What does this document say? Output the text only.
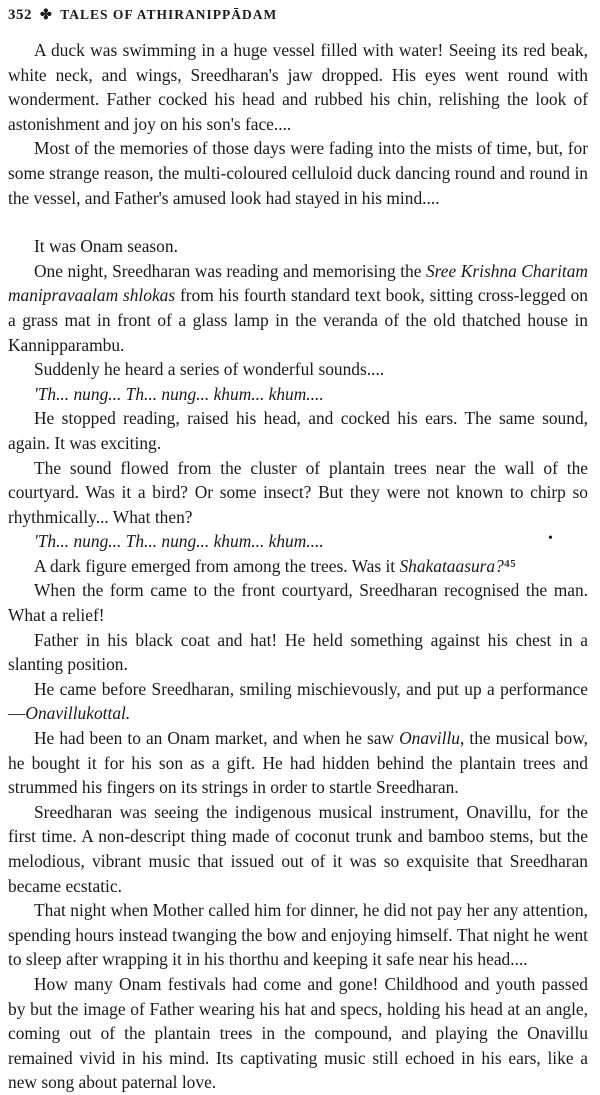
352 ✤ TALES OF ATHIRANIPPĀDAM

A duck was swimming in a huge vessel filled with water! Seeing its red beak, white neck, and wings, Sreedharan's jaw dropped. His eyes went round with wonderment. Father cocked his head and rubbed his chin, relishing the look of astonishment and joy on his son's face....

Most of the memories of those days were fading into the mists of time, but, for some strange reason, the multi-coloured celluloid duck dancing round and round in the vessel, and Father's amused look had stayed in his mind....

It was Onam season.

One night, Sreedharan was reading and memorising the Sree Krishna Charitam manipravaalam shlokas from his fourth standard text book, sitting cross-legged on a grass mat in front of a glass lamp in the veranda of the old thatched house in Kannipparambu.

Suddenly he heard a series of wonderful sounds....

'Th... nung... Th... nung... khum... khum....

He stopped reading, raised his head, and cocked his ears. The same sound, again. It was exciting.

The sound flowed from the cluster of plantain trees near the wall of the courtyard. Was it a bird? Or some insect? But they were not known to chirp so rhythmically... What then?

'Th... nung... Th... nung... khum... khum....

A dark figure emerged from among the trees. Was it Shakataasura?⁴⁵

When the form came to the front courtyard, Sreedharan recognised the man. What a relief!

Father in his black coat and hat! He held something against his chest in a slanting position.

He came before Sreedharan, smiling mischievously, and put up a performance—Onavillukottal.

He had been to an Onam market, and when he saw Onavillu, the musical bow, he bought it for his son as a gift. He had hidden behind the plantain trees and strummed his fingers on its strings in order to startle Sreedharan.

Sreedharan was seeing the indigenous musical instrument, Onavillu, for the first time. A non-descript thing made of coconut trunk and bamboo stems, but the melodious, vibrant music that issued out of it was so exquisite that Sreedharan became ecstatic.

That night when Mother called him for dinner, he did not pay her any attention, spending hours instead twanging the bow and enjoying himself. That night he went to sleep after wrapping it in his thorthu and keeping it safe near his head....

How many Onam festivals had come and gone! Childhood and youth passed by but the image of Father wearing his hat and specs, holding his head at an angle, coming out of the plantain trees in the compound, and playing the Onavillu remained vivid in his mind. Its captivating music still echoed in his ears, like a new song about paternal love.

•
